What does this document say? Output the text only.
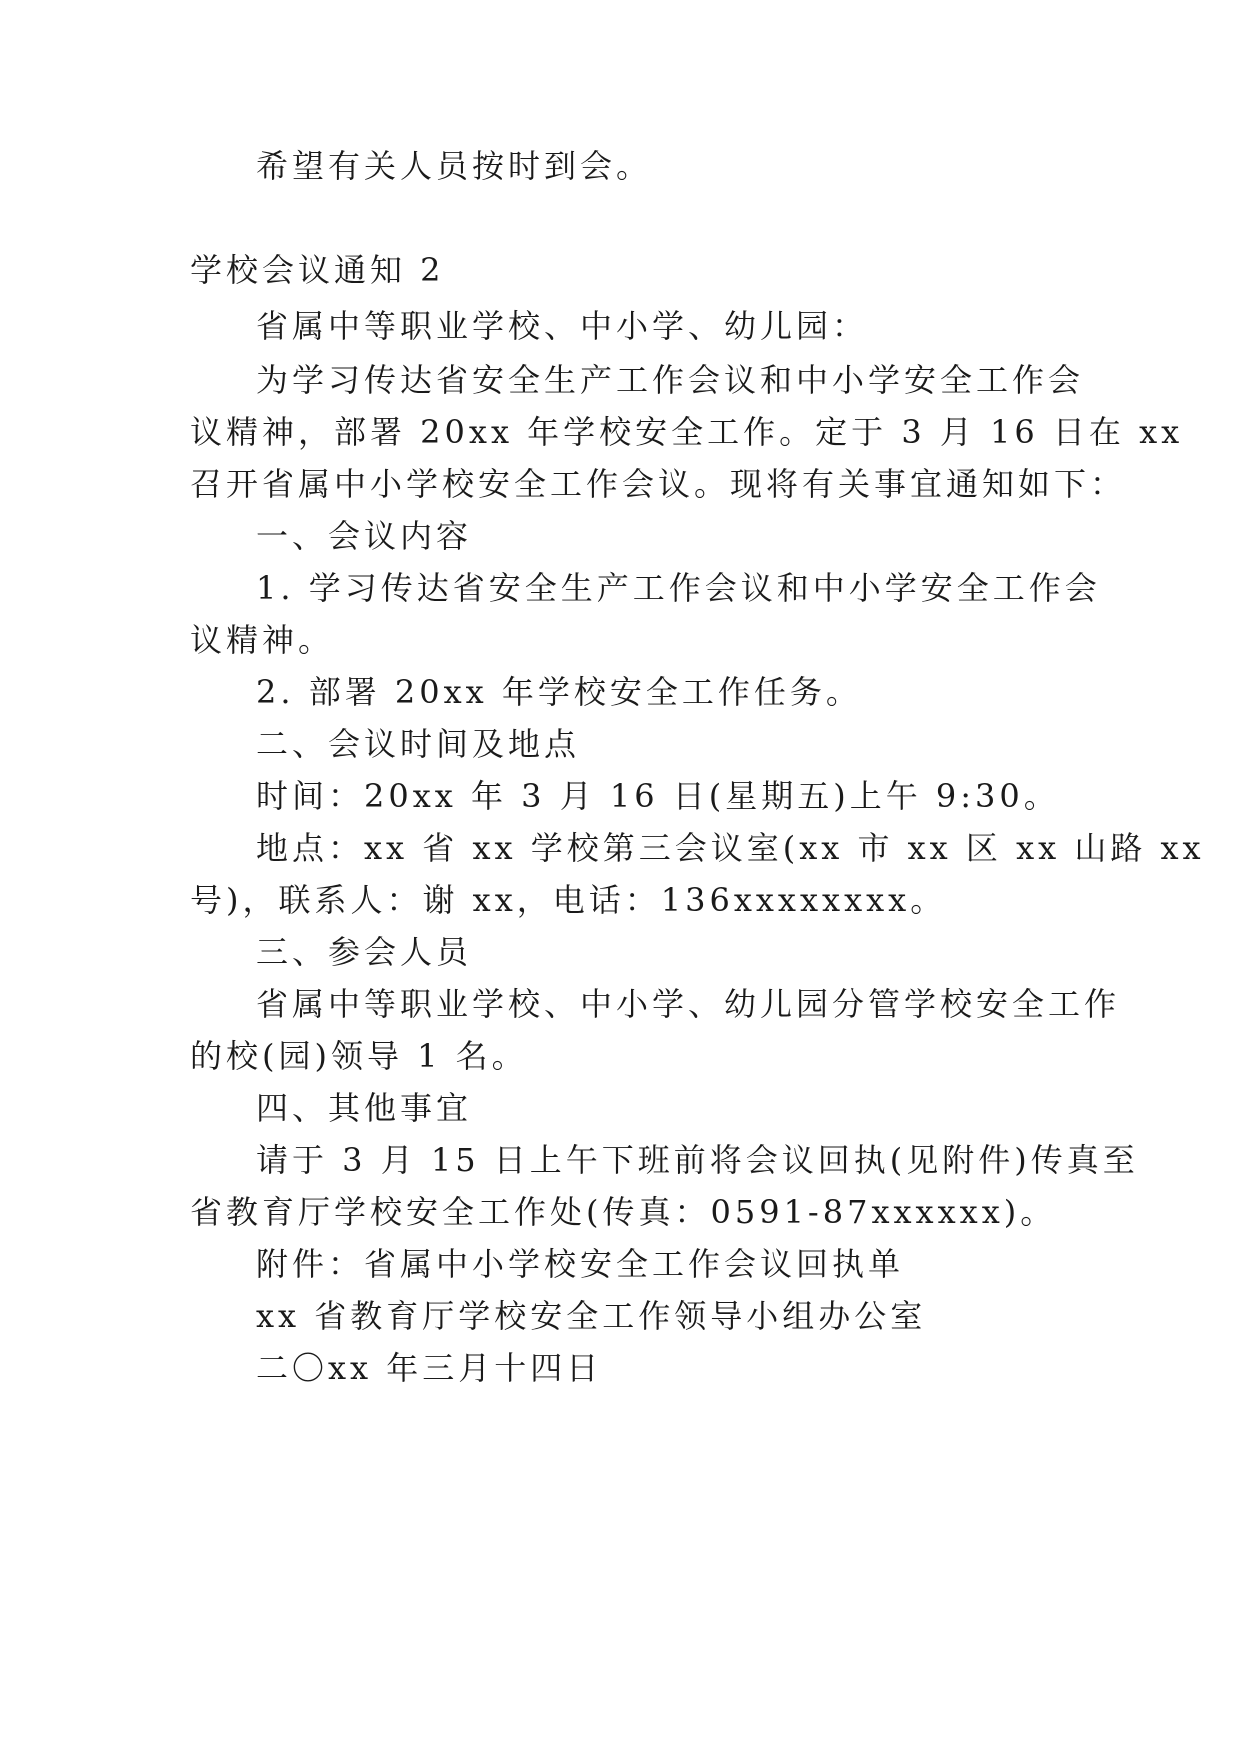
希望有关人员按时到会。
学校会议通知 2
省属中等职业学校、中小学、幼儿园：
为学习传达省安全生产工作会议和中小学安全工作会
议精神，部署 20xx 年学校安全工作。定于 3 月 16 日在 xx
召开省属中小学校安全工作会议。现将有关事宜通知如下：
一、会议内容
1. 学习传达省安全生产工作会议和中小学安全工作会
议精神。
2. 部署 20xx 年学校安全工作任务。
二、会议时间及地点
时间：20xx 年 3 月 16 日(星期五)上午 9:30。
地点：xx 省 xx 学校第三会议室(xx 市 xx 区 xx 山路 xx
号)，联系人：谢 xx，电话：136xxxxxxxx。
三、参会人员
省属中等职业学校、中小学、幼儿园分管学校安全工作
的校(园)领导 1 名。
四、其他事宜
请于 3 月 15 日上午下班前将会议回执(见附件)传真至
省教育厅学校安全工作处(传真：0591-87xxxxxx)。
附件：省属中小学校安全工作会议回执单
xx 省教育厅学校安全工作领导小组办公室
二〇xx 年三月十四日
